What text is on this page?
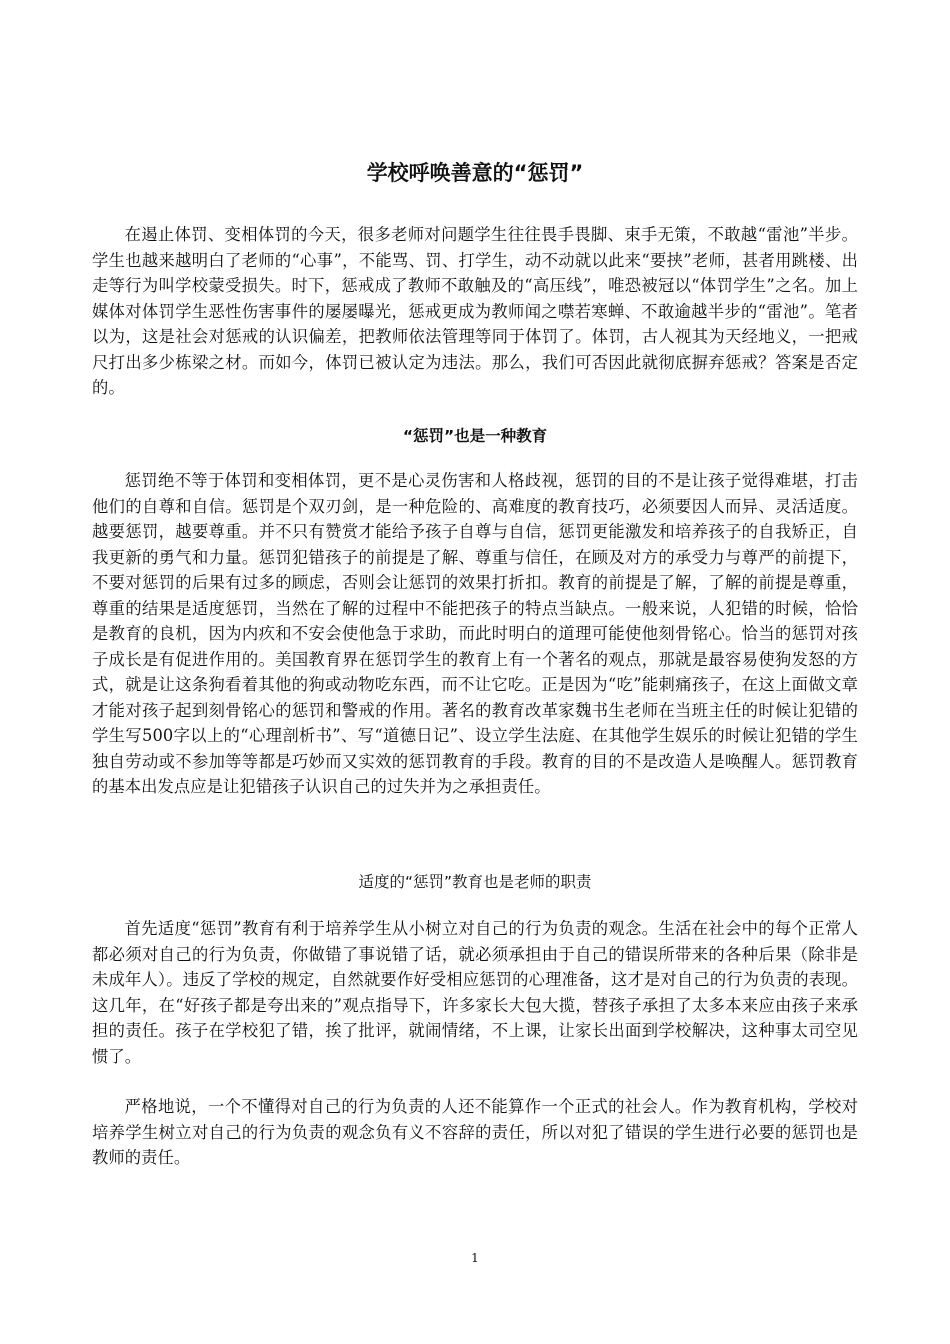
学校呼唤善意的“惩罚”

在遏止体罚、变相体罚的今天，很多老师对问题学生往往畏手畏脚、束手无策，不敢越“雷池”半步。学生也越来越明白了老师的“心事”，不能骂、罚、打学生，动不动就以此来“要挟”老师，甚者用跳楼、出走等行为叫学校蒙受损失。时下，惩戒成了教师不敢触及的“高压线”，唯恐被冠以“体罚学生”之名。加上媒体对体罚学生恶性伤害事件的屡屡曝光，惩戒更成为教师闻之噤若寒蝉、不敢逾越半步的“雷池”。笔者以为，这是社会对惩戒的认识偏差，把教师依法管理等同于体罚了。体罚，古人视其为天经地义，一把戒尺打出多少栋梁之材。而如今，体罚已被认定为违法。那么，我们可否因此就彻底摒弃惩戒？答案是否定的。

“惩罚”也是一种教育

惩罚绝不等于体罚和变相体罚，更不是心灵伤害和人格歧视，惩罚的目的不是让孩子觉得难堪，打击他们的自尊和自信。惩罚是个双刃剑，是一种危险的、高难度的教育技巧，必须要因人而异、灵活适度。越要惩罚，越要尊重。并不只有赞赏才能给予孩子自尊与自信，惩罚更能激发和培养孩子的自我矫正，自我更新的勇气和力量。惩罚犯错孩子的前提是了解、尊重与信任，在顾及对方的承受力与尊严的前提下，不要对惩罚的后果有过多的顾虑，否则会让惩罚的效果打折扣。教育的前提是了解，了解的前提是尊重，尊重的结果是适度惩罚，当然在了解的过程中不能把孩子的特点当缺点。一般来说，人犯错的时候，恰恰是教育的良机，因为内疚和不安会使他急于求助，而此时明白的道理可能使他刻骨铭心。恰当的惩罚对孩子成长是有促进作用的。美国教育界在惩罚学生的教育上有一个著名的观点，那就是最容易使狗发怒的方式，就是让这条狗看着其他的狗或动物吃东西，而不让它吃。正是因为“吃”能刺痛孩子，在这上面做文章才能对孩子起到刻骨铭心的惩罚和警戒的作用。著名的教育改革家魏书生老师在当班主任的时候让犯错的学生写500字以上的“心理剖析书”、写“道德日记”、设立学生法庭、在其他学生娱乐的时候让犯错的学生独自劳动或不参加等等都是巧妙而又实效的惩罚教育的手段。教育的目的不是改造人是唤醒人。惩罚教育的基本出发点应是让犯错孩子认识自己的过失并为之承担责任。

适度的“惩罚”教育也是老师的职责

首先适度“惩罚”教育有利于培养学生从小树立对自己的行为负责的观念。生活在社会中的每个正常人都必须对自己的行为负责，你做错了事说错了话，就必须承担由于自己的错误所带来的各种后果（除非是未成年人）。违反了学校的规定，自然就要作好受相应惩罚的心理准备，这才是对自己的行为负责的表现。这几年，在“好孩子都是夸出来的”观点指导下，许多家长大包大揽，替孩子承担了太多本来应由孩子来承担的责任。孩子在学校犯了错，挨了批评，就闹情绪，不上课，让家长出面到学校解决，这种事太司空见惯了。

严格地说，一个不懂得对自己的行为负责的人还不能算作一个正式的社会人。作为教育机构，学校对培养学生树立对自己的行为负责的观念负有义不容辞的责任，所以对犯了错误的学生进行必要的惩罚也是教师的责任。

1
